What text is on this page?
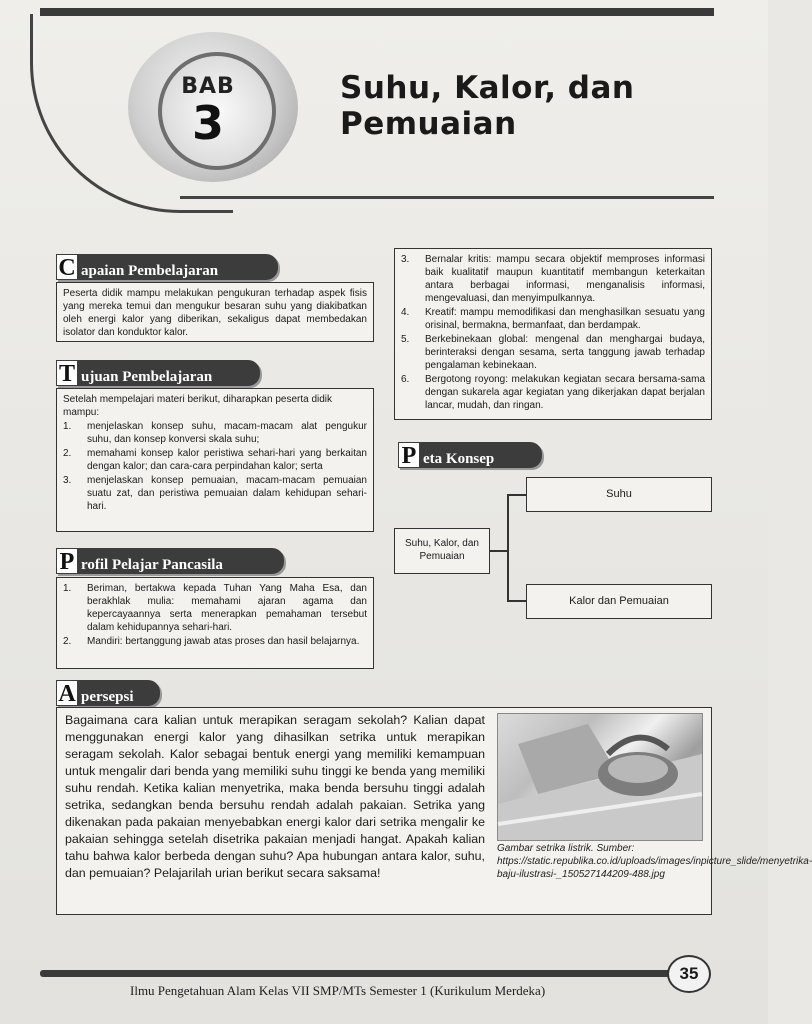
BAB
3
Suhu, Kalor, dan Pemuaian
C apaian Pembelajaran
Peserta didik mampu melakukan pengukuran terhadap aspek fisis yang mereka temui dan mengukur besaran suhu yang diakibatkan oleh energi kalor yang diberikan, sekaligus dapat membedakan isolator dan konduktor kalor.
T ujuan Pembelajaran
Setelah mempelajari materi berikut, diharapkan peserta didik mampu:
1. menjelaskan konsep suhu, macam-macam alat pengukur suhu, dan konsep konversi skala suhu;
2. memahami konsep kalor peristiwa sehari-hari yang berkaitan dengan kalor; dan cara-cara perpindahan kalor; serta
3. menjelaskan konsep pemuaian, macam-macam pemuaian suatu zat, dan peristiwa pemuaian dalam kehidupan sehari-hari.
P rofil Pelajar Pancasila
1. Beriman, bertakwa kepada Tuhan Yang Maha Esa, dan berakhlak mulia: memahami ajaran agama dan kepercayaannya serta menerapkan pemahaman tersebut dalam kehidupannya sehari-hari.
2. Mandiri: bertanggung jawab atas proses dan hasil belajarnya.
3. Bernalar kritis: mampu secara objektif memproses informasi baik kualitatif maupun kuantitatif membangun keterkaitan antara berbagai informasi, menganalisis informasi, mengevaluasi, dan menyimpulkannya.
4. Kreatif: mampu memodifikasi dan menghasilkan sesuatu yang orisinal, bermakna, bermanfaat, dan berdampak.
5. Berkebinekaan global: mengenal dan menghargai budaya, berinteraksi dengan sesama, serta tanggung jawab terhadap pengalaman kebinekaan.
6. Bergotong royong: melakukan kegiatan secara bersama-sama dengan sukarela agar kegiatan yang dikerjakan dapat berjalan lancar, mudah, dan ringan.
P eta Konsep
Suhu, Kalor, dan Pemuaian
Suhu
Kalor dan Pemuaian
A persepsi
Bagaimana cara kalian untuk merapikan seragam sekolah? Kalian dapat menggunakan energi kalor yang dihasilkan setrika untuk merapikan seragam sekolah. Kalor sebagai bentuk energi yang memiliki kemampuan untuk mengalir dari benda yang memiliki suhu tinggi ke benda yang memiliki suhu rendah. Ketika kalian menyetrika, maka benda bersuhu tinggi adalah setrika, sedangkan benda bersuhu rendah adalah pakaian. Setrika yang dikenakan pada pakaian menyebabkan energi kalor dari setrika mengalir ke pakaian sehingga setelah disetrika pakaian menjadi hangat. Apakah kalian tahu bahwa kalor berbeda dengan suhu? Apa hubungan antara kalor, suhu, dan pemuaian? Pelajarilah urian berikut secara saksama!
Gambar setrika listrik. Sumber: https://static.republika.co.id/uploads/images/inpicture_slide/menyetrika-baju-ilustrasi-_150527144209-488.jpg
Ilmu Pengetahuan Alam Kelas VII SMP/MTs Semester 1 (Kurikulum Merdeka)
35
